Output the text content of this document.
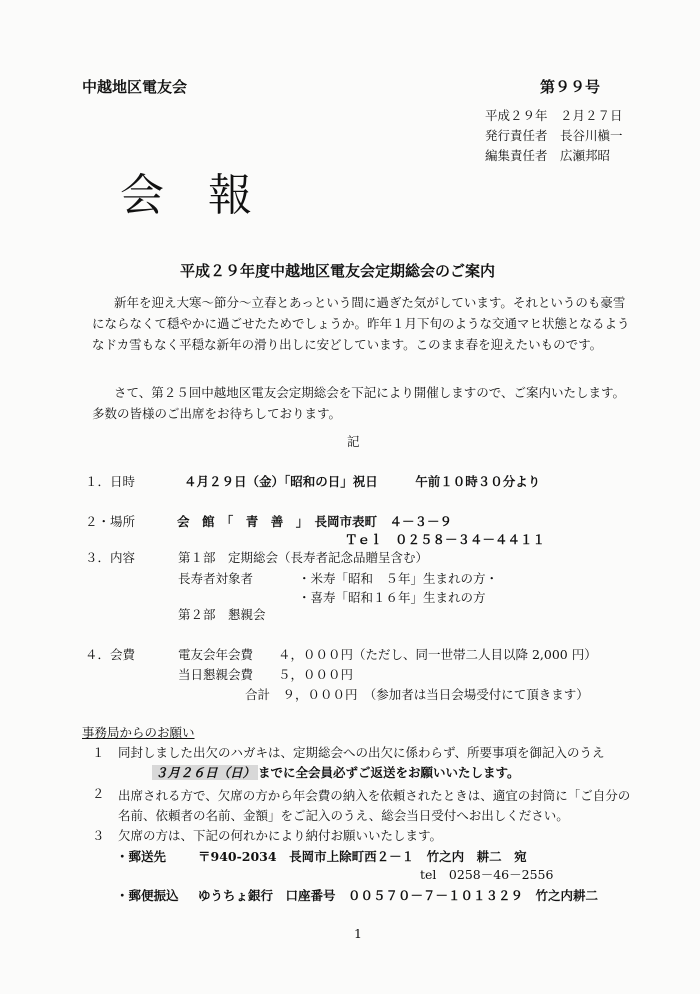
中越地区電友会	第９９号
平成２９年　２月２７日
発行責任者　長谷川槇一
編集責任者　広瀬邦昭
会　報
平成２９年度中越地区電友会定期総会のご案内
新年を迎え大寒～節分～立春とあっという間に過ぎた気がしています。それというのも豪雪にならなくて穏やかに過ごせたためでしょうか。昨年１月下旬のような交通マヒ状態となるようなドカ雪もなく平穏な新年の滑り出しに安どしています。このまま春を迎えたいものです。
さて、第２５回中越地区電友会定期総会を下記により開催しますので、ご案内いたします。多数の皆様のご出席をお待ちしております。
記
１．日時	４月２９日（金）「昭和の日」祝日　　　午前１０時３０分より
２・場所	会　館　「　青　善　」　長岡市表町　４－３－９
Ｔｅｌ　０２５８－３４－４４１１
３．内容	第１部　定期総会（長寿者記念品贈呈含む）
長寿者対象者	・米寿「昭和　５年」生まれの方・
・喜寿「昭和１６年」生まれの方
第２部　懇親会
４．会費	電友会年会費　　４，０００円（ただし、同一世帯二人目以降 2,000 円）
当日懇親会費　　５，０００円
合計　９，０００円　（参加者は当日会場受付にて頂きます）
事務局からのお願い
１ 同封しました出欠のハガキは、定期総会への出欠に係わらず、所要事項を御記入のうえ
３月２６日（日） までに全会員必ずご返送をお願いいたします。
２ 出席される方で、欠席の方から年会費の納入を依頼されたときは、適宜の封筒に「ご自分の名前、依頼者の名前、金額」をご記入のうえ、総会当日受付へお出しください。
３ 欠席の方は、下記の何れかにより納付お願いいたします。
・郵送先	〒940-2034　長岡市上除町西２－１　竹之内　耕二　宛
tel　0258－46－2556
・郵便振込 ゆうちょ銀行　口座番号　００５７０－７－１０１３２９　竹之内耕二
1
